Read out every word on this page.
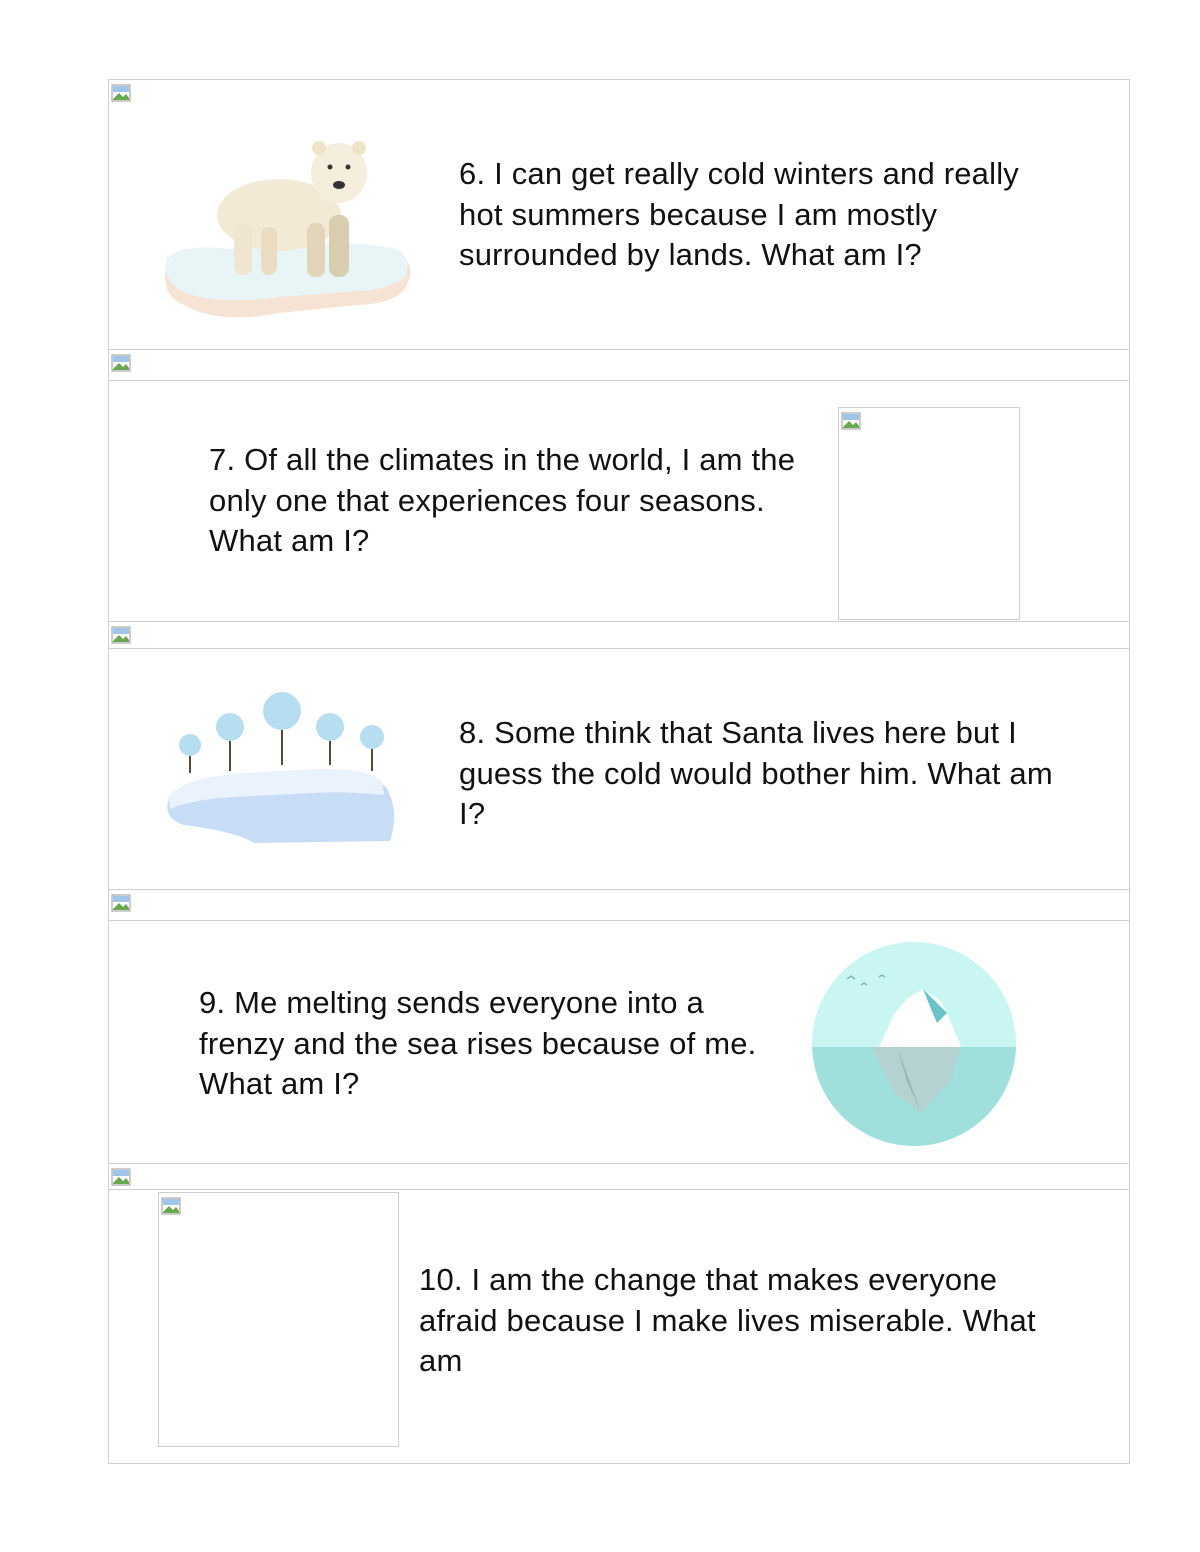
6. I can get really cold winters and really hot summers because I am mostly surrounded by lands. What am I?

7. Of all the climates in the world, I am the only one that experiences four seasons. What am I?

8. Some think that Santa lives here but I guess the cold would bother him. What am I?

9. Me melting sends everyone into a frenzy and the sea rises because of me. What am I?

10. I am the change that makes everyone afraid because I make lives miserable. What am
